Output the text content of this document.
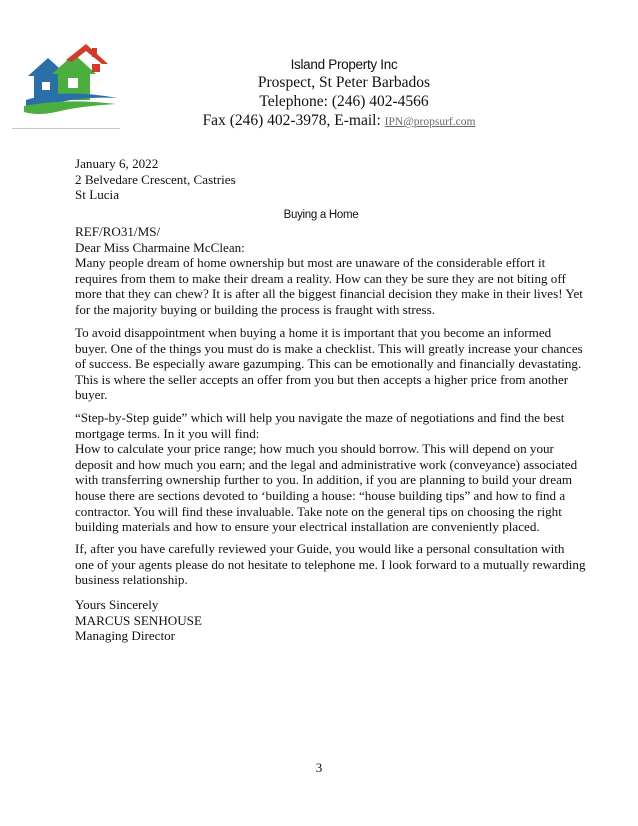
Island Property Inc
Prospect, St Peter Barbados
Telephone: (246) 402-4566
Fax (246) 402-3978, E-mail: IPN@propsurf.com
January 6, 2022
2 Belvedare Crescent, Castries
St Lucia
Buying a Home
REF/RO31/MS/
Dear Miss Charmaine McClean:
Many people dream of home ownership but most are unaware of the considerable effort it
requires from them to make their dream a reality. How can they be sure they are not biting off
more that they can chew? It is after all the biggest financial decision they make in their lives! Yet
for the majority buying or building the process is fraught with stress.
To avoid disappointment when buying a home it is important that you become an informed
buyer. One of the things you must do is make a checklist. This will greatly increase your chances
of success. Be especially aware gazumping. This can be emotionally and financially devastating.
This is where the seller accepts an offer from you but then accepts a higher price from another
buyer.
“Step-by-Step guide” which will help you navigate the maze of negotiations and find the best
mortgage terms. In it you will find:
How to calculate your price range; how much you should borrow. This will depend on your
deposit and how much you earn; and the legal and administrative work (conveyance) associated
with transferring ownership further to you. In addition, if you are planning to build your dream
house there are sections devoted to ‘building a house: “house building tips” and how to find a
contractor. You will find these invaluable. Take note on the general tips on choosing the right
building materials and how to ensure your electrical installation are conveniently placed.
If, after you have carefully reviewed your Guide, you would like a personal consultation with
one of your agents please do not hesitate to telephone me. I look forward to a mutually rewarding
business relationship.
Yours Sincerely
MARCUS SENHOUSE
Managing Director
3
